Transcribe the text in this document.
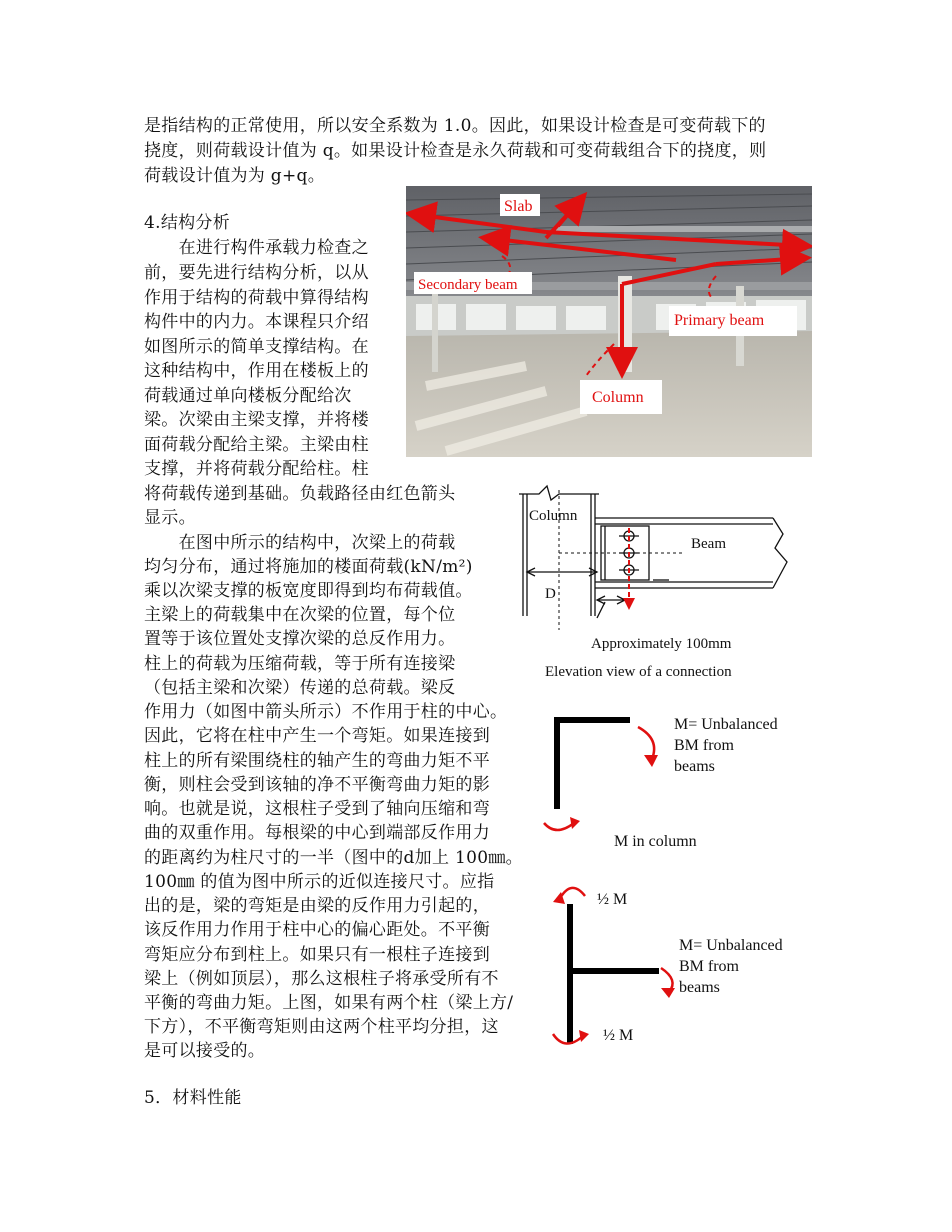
是指结构的正常使用，所以安全系数为 1.0。因此，如果设计检查是可变荷载下的
挠度，则荷载设计值为 q。如果设计检查是永久荷载和可变荷载组合下的挠度，则
荷载设计值为为 g+q。
4.结构分析
　　在进行构件承载力检查之
前，要先进行结构分析，以从
作用于结构的荷载中算得结构
构件中的内力。本课程只介绍
如图所示的简单支撑结构。在
这种结构中，作用在楼板上的
荷载通过单向楼板分配给次
梁。次梁由主梁支撑，并将楼
面荷载分配给主梁。主梁由柱
支撑，并将荷载分配给柱。柱
将荷载传递到基础。负载路径由红色箭头
显示。
　　在图中所示的结构中，次梁上的荷载
均匀分布，通过将施加的楼面荷载(kN/m²)
乘以次梁支撑的板宽度即得到均布荷载值。
主梁上的荷载集中在次梁的位置，每个位
置等于该位置处支撑次梁的总反作用力。
柱上的荷载为压缩荷载，等于所有连接梁
（包括主梁和次梁）传递的总荷载。梁反
作用力（如图中箭头所示）不作用于柱的中心。
因此，它将在柱中产生一个弯矩。如果连接到
柱上的所有梁围绕柱的轴产生的弯曲力矩不平
衡，则柱会受到该轴的净不平衡弯曲力矩的影
响。也就是说，这根柱子受到了轴向压缩和弯
曲的双重作用。每根梁的中心到端部反作用力
的距离约为柱尺寸的一半（图中的d加上 100㎜。
100㎜ 的值为图中所示的近似连接尺寸。应指
出的是，梁的弯矩是由梁的反作用力引起的，
该反作用力作用于柱中心的偏心距处。不平衡
弯矩应分布到柱上。如果只有一根柱子连接到
梁上（例如顶层），那么这根柱子将承受所有不
平衡的弯曲力矩。上图，如果有两个柱（梁上方/
下方），不平衡弯矩则由这两个柱平均分担，这
是可以接受的。
5．材料性能
Slab
Secondary beam
Primary beam
Column
Column
Beam
D
Approximately 100mm
Elevation view of a connection
M= Unbalanced
BM from
beams
M in column
½ M
M= Unbalanced
BM from
beams
½ M
